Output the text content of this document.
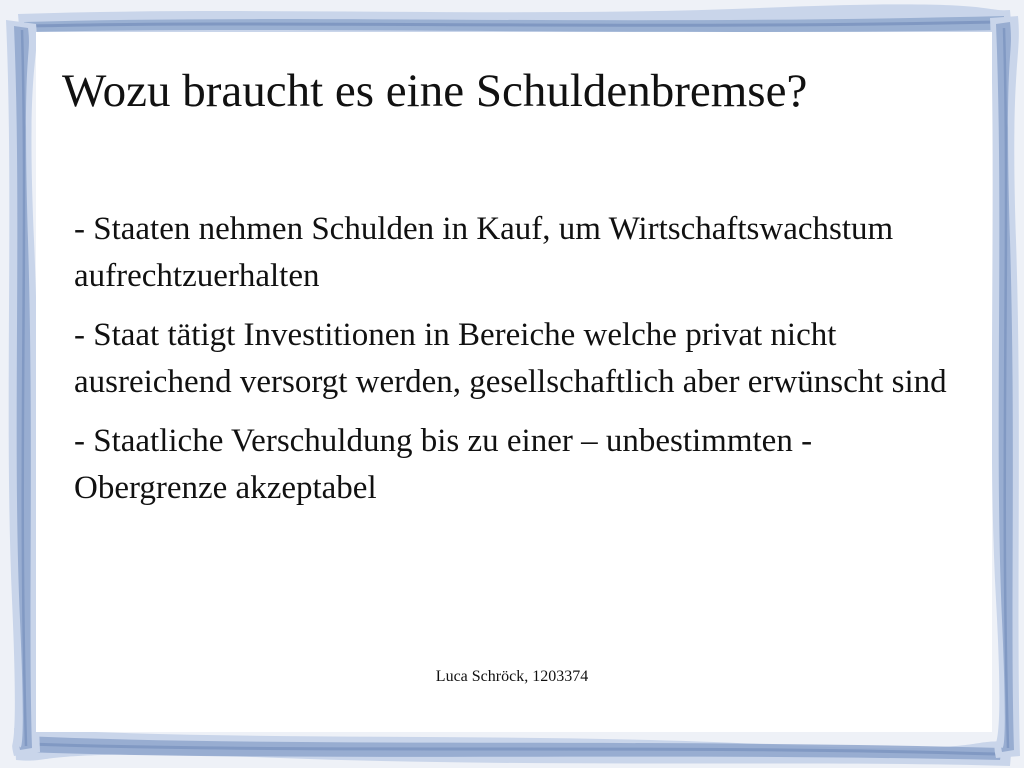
Wozu braucht es eine Schuldenbremse?

- Staaten nehmen Schulden in Kauf, um Wirtschaftswachstum aufrechtzuerhalten

- Staat tätigt Investitionen in Bereiche welche privat nicht ausreichend versorgt werden, gesellschaftlich aber erwünscht sind

- Staatliche Verschuldung bis zu einer – unbestimmten - Obergrenze akzeptabel

Luca Schröck, 1203374
